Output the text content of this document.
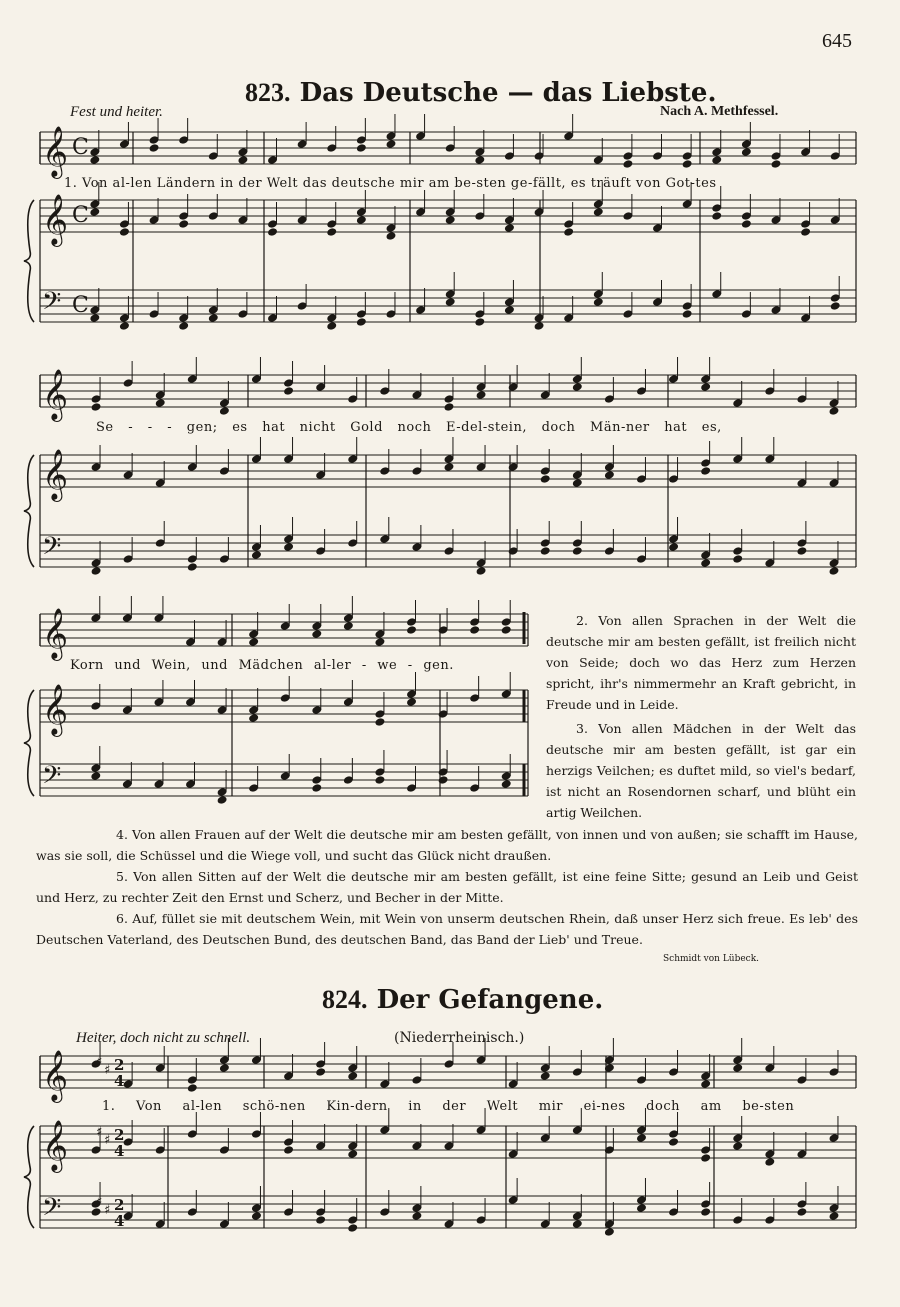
645
823. Das Deutsche — das Liebste.
Fest und heiter.	Nach A. Methfessel.
𝄞
𝄞
𝄢
𝄞
𝄞
𝄢
𝄞
𝄞
𝄢
𝄞
𝄞
𝄢
C
C
C
2
4
♯
♯
2
4
♯
♯
2
4
♯
♯
1. Von al-len Ländern in der Welt das deutsche mir am be-sten ge-fällt, es träuft von Got-tes
Se - - - gen; es hat nicht Gold noch E-del-stein, doch Män-ner hat es,
Korn und Wein, und Mädchen al-ler - we - gen.

2. Von allen Sprachen in der Welt die deutsche mir am besten gefällt, ist freilich nicht von Seide; doch wo das Herz zum Herzen spricht, ihr's nimmermehr an Kraft gebricht, in Freude und in Leide.

3. Von allen Mädchen in der Welt das deutsche mir am besten gefällt, ist gar ein herzigs Veilchen; es duftet mild, so viel's bedarf, ist nicht an Rosendornen scharf, und blüht ein artig Weilchen.

4. Von allen Frauen auf der Welt die deutsche mir am besten gefällt, von innen und von außen; sie schafft im Hause, was sie soll, die Schüssel und die Wiege voll, und sucht das Glück nicht draußen.

5. Von allen Sitten auf der Welt die deutsche mir am besten gefällt, ist eine feine Sitte; gesund an Leib und Geist und Herz, zu rechter Zeit den Ernst und Scherz, und Becher in der Mitte.

6. Auf, füllet sie mit deutschem Wein, mit Wein von unserm deutschen Rhein, daß unser Herz sich freue. Es leb' des Deutschen Vaterland, des Deutschen Bund, des deutschen Band, das Band der Lieb' und Treue.

Schmidt von Lübeck.
824. Der Gefangene.
Heiter, doch nicht zu schnell.	(Niederrheinisch.)
1. Von al-len schö-nen Kin-dern in der Welt mir ei-nes doch am be-sten
